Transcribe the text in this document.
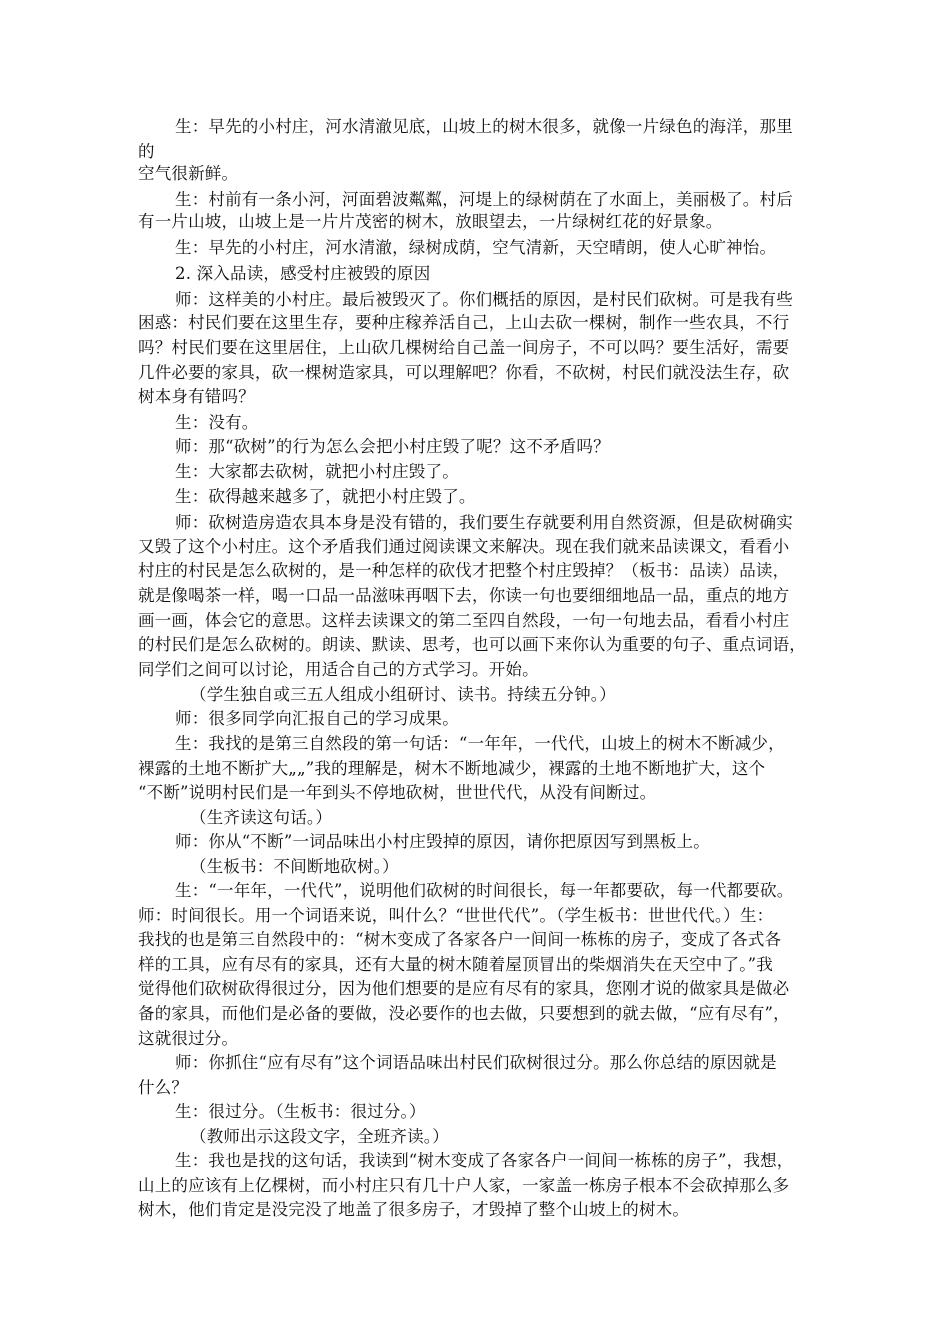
生：早先的小村庄，河水清澈见底，山坡上的树木很多，就像一片绿色的海洋，那里

的

空气很新鲜。

生：村前有一条小河，河面碧波粼粼，河堤上的绿树荫在了水面上，美丽极了。村后

有一片山坡，山坡上是一片片茂密的树木，放眼望去，一片绿树红花的好景象。

生：早先的小村庄，河水清澈，绿树成荫，空气清新，天空晴朗，使人心旷神怡。

2. 深入品读，感受村庄被毁的原因

师：这样美的小村庄。最后被毁灭了。你们概括的原因，是村民们砍树。可是我有些

困惑：村民们要在这里生存，要种庄稼养活自己，上山去砍一棵树，制作一些农具，不行

吗？村民们要在这里居住，上山砍几棵树给自己盖一间房子，不可以吗？要生活好，需要

几件必要的家具，砍一棵树造家具，可以理解吧？你看，不砍树，村民们就没法生存，砍

树本身有错吗？

生：没有。

师：那“砍树”的行为怎么会把小村庄毁了呢？这不矛盾吗？

生：大家都去砍树，就把小村庄毁了。

生：砍得越来越多了，就把小村庄毁了。

师：砍树造房造农具本身是没有错的，我们要生存就要利用自然资源，但是砍树确实

又毁了这个小村庄。这个矛盾我们通过阅读课文来解决。现在我们就来品读课文，看看小

村庄的村民是怎么砍树的，是一种怎样的砍伐才把整个村庄毁掉？（板书：品读）品读，

就是像喝茶一样，喝一口品一品滋味再咽下去，你读一句也要细细地品一品，重点的地方

画一画，体会它的意思。这样去读课文的第二至四自然段，一句一句地去品，看看小村庄

的村民们是怎么砍树的。朗读、默读、思考，也可以画下来你认为重要的句子、重点词语，

同学们之间可以讨论，用适合自己的方式学习。开始。

（学生独自或三五人组成小组研讨、读书。持续五分钟。）

师：很多同学向汇报自己的学习成果。

生：我找的是第三自然段的第一句话：“一年年，一代代，山坡上的树木不断减少，

裸露的土地不断扩大„„”我的理解是，树木不断地减少，裸露的土地不断地扩大，这个

“不断”说明村民们是一年到头不停地砍树，世世代代，从没有间断过。

（生齐读这句话。）

师：你从“不断”一词品味出小村庄毁掉的原因，请你把原因写到黑板上。

（生板书：不间断地砍树。）

生：“一年年，一代代”，说明他们砍树的时间很长，每一年都要砍，每一代都要砍。

师：时间很长。用一个词语来说，叫什么？“世世代代”。（学生板书：世世代代。）生：

我找的也是第三自然段中的：“树木变成了各家各户一间间一栋栋的房子，变成了各式各

样的工具，应有尽有的家具，还有大量的树木随着屋顶冒出的柴烟消失在天空中了。”我

觉得他们砍树砍得很过分，因为他们想要的是应有尽有的家具，您刚才说的做家具是做必

备的家具，而他们是必备的要做，没必要作的也去做，只要想到的就去做，“应有尽有”，

这就很过分。

师：你抓住“应有尽有”这个词语品味出村民们砍树很过分。那么你总结的原因就是

什么？

生：很过分。（生板书：很过分。）

（教师出示这段文字，全班齐读。）

生：我也是找的这句话，我读到“树木变成了各家各户一间间一栋栋的房子”，我想，

山上的应该有上亿棵树，而小村庄只有几十户人家，一家盖一栋房子根本不会砍掉那么多

树木，他们肯定是没完没了地盖了很多房子，才毁掉了整个山坡上的树木。
